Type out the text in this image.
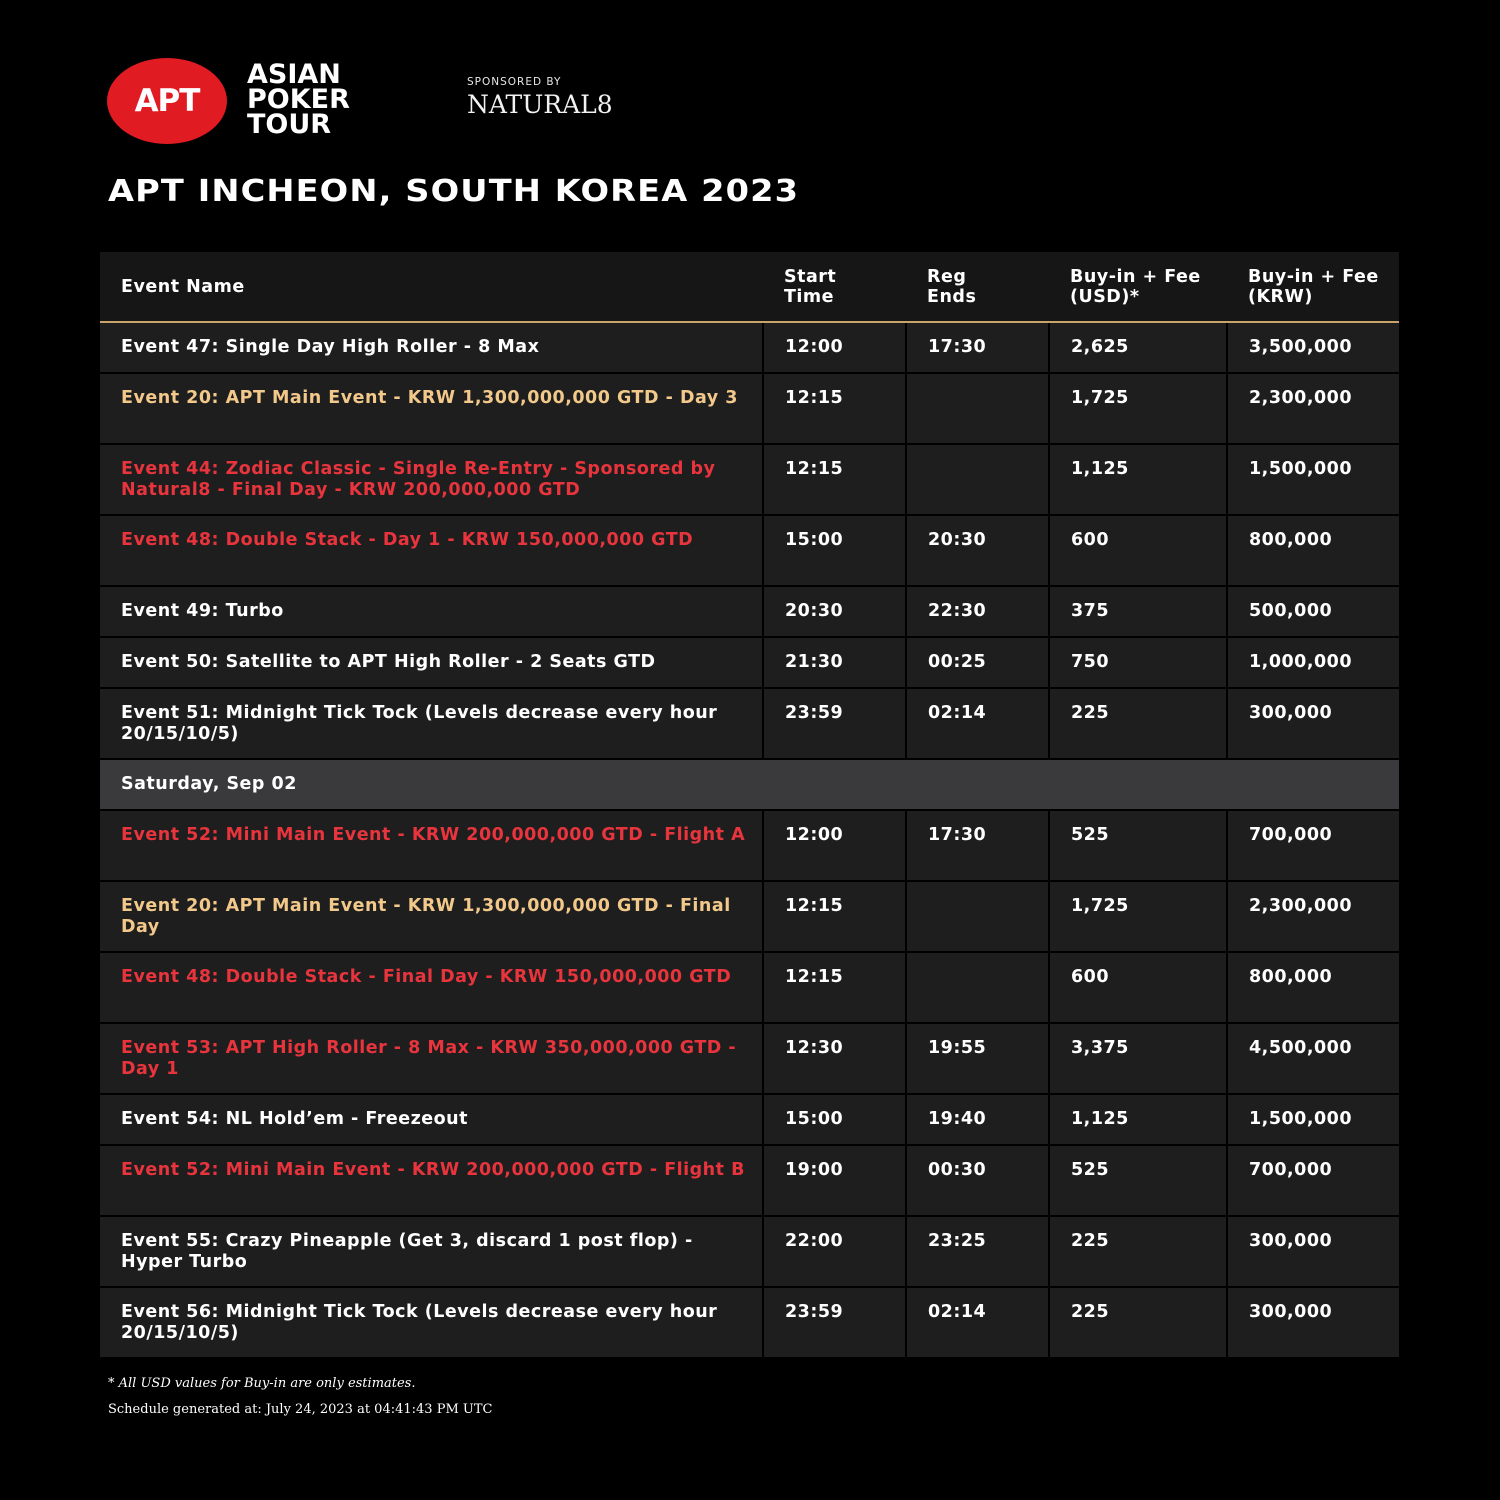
APT
ASIAN
POKER
TOUR
SPONSORED BY
NATURAL8
APT INCHEON, SOUTH KOREA 2023
Event Name	Start Time	Reg Ends	Buy-in + Fee (USD)*	Buy-in + Fee (KRW)
Event 47: Single Day High Roller - 8 Max	12:00	17:30	2,625	3,500,000
Event 20: APT Main Event - KRW 1,300,000,000 GTD - Day 3	12:15		1,725	2,300,000
Event 44: Zodiac Classic - Single Re-Entry - Sponsored by Natural8 - Final Day - KRW 200,000,000 GTD	12:15		1,125	1,500,000
Event 48: Double Stack - Day 1 - KRW 150,000,000 GTD	15:00	20:30	600	800,000
Event 49: Turbo	20:30	22:30	375	500,000
Event 50: Satellite to APT High Roller - 2 Seats GTD	21:30	00:25	750	1,000,000
Event 51: Midnight Tick Tock (Levels decrease every hour 20/15/10/5)	23:59	02:14	225	300,000
Saturday, Sep 02				
Event 52: Mini Main Event - KRW 200,000,000 GTD - Flight A	12:00	17:30	525	700,000
Event 20: APT Main Event - KRW 1,300,000,000 GTD - Final Day	12:15		1,725	2,300,000
Event 48: Double Stack - Final Day - KRW 150,000,000 GTD	12:15		600	800,000
Event 53: APT High Roller - 8 Max - KRW 350,000,000 GTD - Day 1	12:30	19:55	3,375	4,500,000
Event 54: NL Hold’em - Freezeout	15:00	19:40	1,125	1,500,000
Event 52: Mini Main Event - KRW 200,000,000 GTD - Flight B	19:00	00:30	525	700,000
Event 55: Crazy Pineapple (Get 3, discard 1 post flop) - Hyper Turbo	22:00	23:25	225	300,000
Event 56: Midnight Tick Tock (Levels decrease every hour 20/15/10/5)	23:59	02:14	225	300,000
* All USD values for Buy-in are only estimates.
Schedule generated at: July 24, 2023 at 04:41:43 PM UTC
